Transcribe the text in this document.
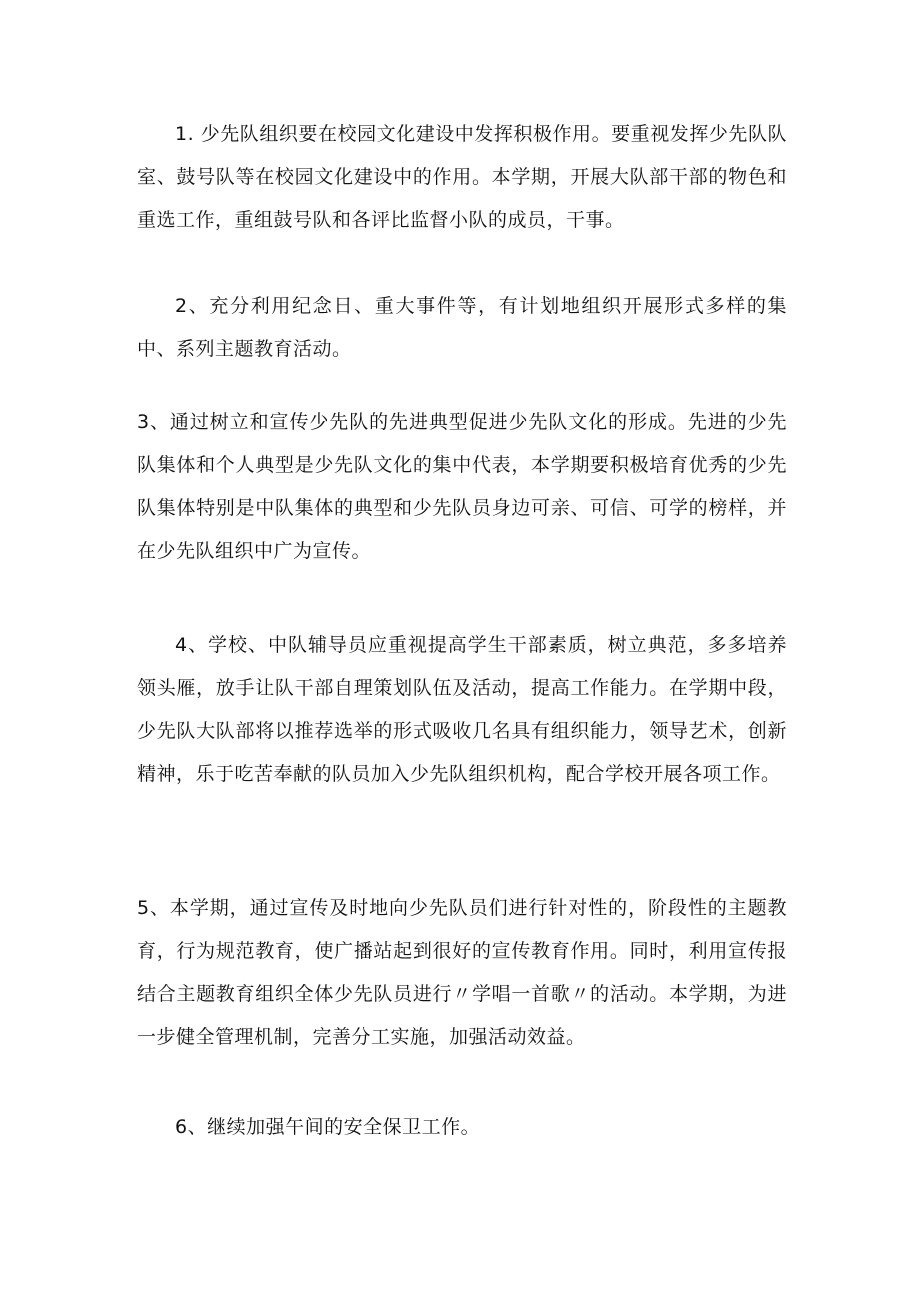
1. 少先队组织要在校园文化建设中发挥积极作用。要重视发挥少先队队室、鼓号队等在校园文化建设中的作用。本学期，开展大队部干部的物色和重选工作，重组鼓号队和各评比监督小队的成员，干事。

2、充分利用纪念日、重大事件等，有计划地组织开展形式多样的集中、系列主题教育活动。

3、通过树立和宣传少先队的先进典型促进少先队文化的形成。先进的少先队集体和个人典型是少先队文化的集中代表，本学期要积极培育优秀的少先队集体特别是中队集体的典型和少先队员身边可亲、可信、可学的榜样，并在少先队组织中广为宣传。

4、学校、中队辅导员应重视提高学生干部素质，树立典范，多多培养领头雁，放手让队干部自理策划队伍及活动，提高工作能力。在学期中段，少先队大队部将以推荐选举的形式吸收几名具有组织能力，领导艺术，创新精神，乐于吃苦奉献的队员加入少先队组织机构，配合学校开展各项工作。

5、本学期，通过宣传及时地向少先队员们进行针对性的，阶段性的主题教育，行为规范教育，使广播站起到很好的宣传教育作用。同时，利用宣传报结合主题教育组织全体少先队员进行〃学唱一首歌〃的活动。本学期，为进一步健全管理机制，完善分工实施，加强活动效益。

6、继续加强午间的安全保卫工作。
